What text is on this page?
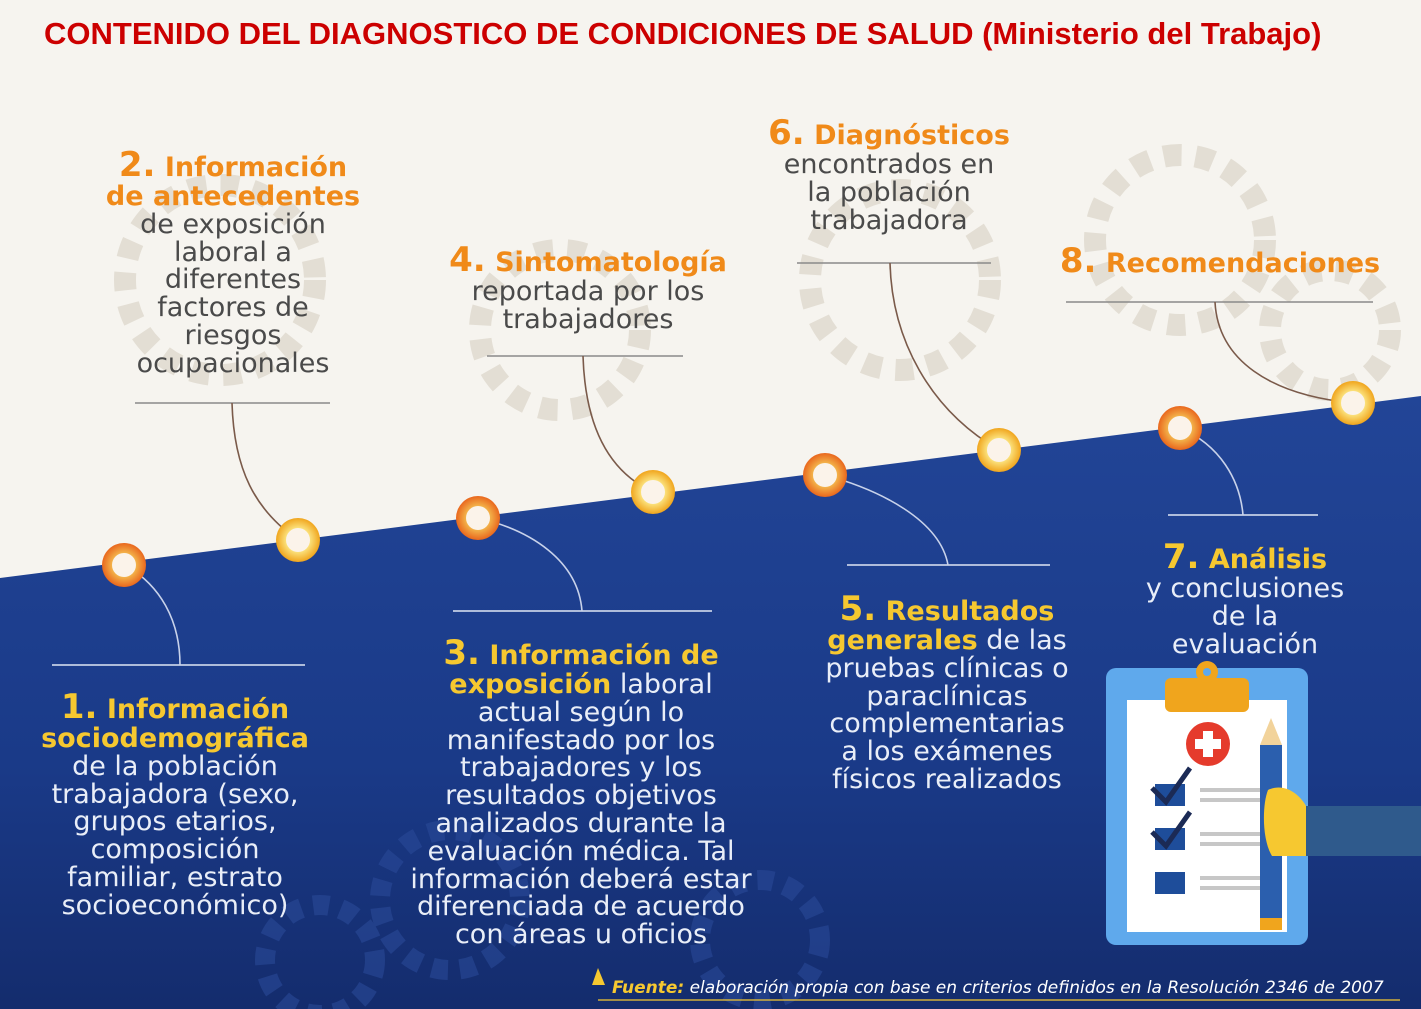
CONTENIDO DEL DIAGNOSTICO DE CONDICIONES DE SALUD (Ministerio del Trabajo)
2. Información de antecedentes
de exposición laboral a diferentes factores de riesgos ocupacionales
4. Sintomatología
reportada por los trabajadores
6. Diagnósticos
encontrados en la población trabajadora
8. Recomendaciones
1. Información sociodemográfica
de la población trabajadora (sexo, grupos etarios, composición familiar, estrato socioeconómico)
3. Información de exposición laboral actual según lo manifestado por los trabajadores y los resultados objetivos analizados durante la evaluación médica. Tal información deberá estar diferenciada de acuerdo con áreas u oficios
5. Resultados generales de las pruebas clínicas o paraclínicas complementarias a los exámenes físicos realizados
7. Análisis
y conclusiones de la evaluación
Fuente: elaboración propia con base en criterios definidos en la Resolución 2346 de 2007
